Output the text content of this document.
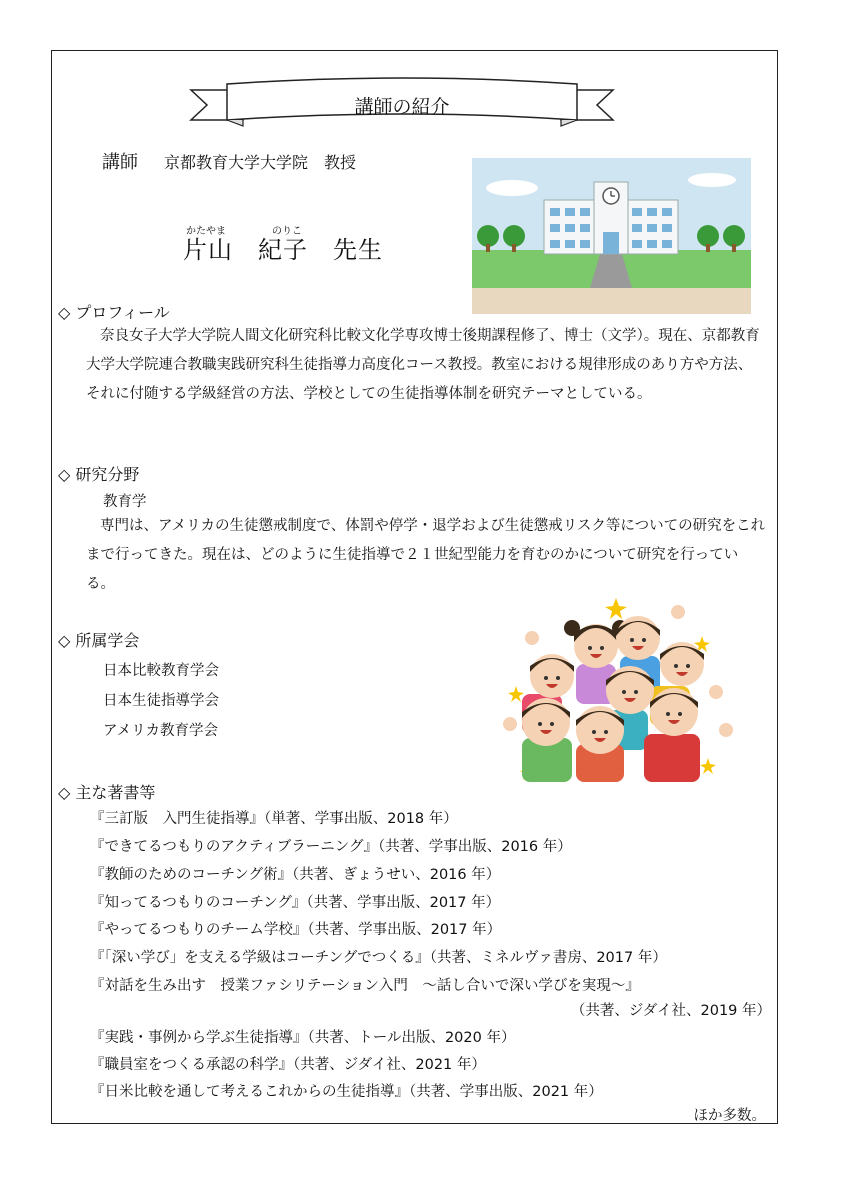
講師の紹介
講師 京都教育大学大学院　教授
かたやま	のりこ
片山　紀子　先生
◇ プロフィール
奈良女子大学大学院人間文化研究科比較文化学専攻博士後期課程修了、博士（文学）。現在、京都教育大学大学院連合教職実践研究科生徒指導力高度化コース教授。教室における規律形成のあり方や方法、それに付随する学級経営の方法、学校としての生徒指導体制を研究テーマとしている。
◇ 研究分野
教育学
専門は、アメリカの生徒懲戒制度で、体罰や停学・退学および生徒懲戒リスク等についての研究をこれまで行ってきた。現在は、どのように生徒指導で２１世紀型能力を育むのかについて研究を行っている。
◇ 所属学会
日本比較教育学会
日本生徒指導学会
アメリカ教育学会
◇ 主な著書等
『三訂版　入門生徒指導』（単著、学事出版、2018 年）
『できてるつもりのアクティブラーニング』（共著、学事出版、2016 年）
『教師のためのコーチング術』（共著、ぎょうせい、2016 年）
『知ってるつもりのコーチング』（共著、学事出版、2017 年）
『やってるつもりのチーム学校』（共著、学事出版、2017 年）
『「深い学び」を支える学級はコーチングでつくる』（共著、ミネルヴァ書房、2017 年）
『対話を生み出す　授業ファシリテーション入門　～話し合いで深い学びを実現～』
（共著、ジダイ社、2019 年）
『実践・事例から学ぶ生徒指導』（共著、トール出版、2020 年）
『職員室をつくる承認の科学』（共著、ジダイ社、2021 年）
『日米比較を通して考えるこれからの生徒指導』（共著、学事出版、2021 年）
ほか多数。
